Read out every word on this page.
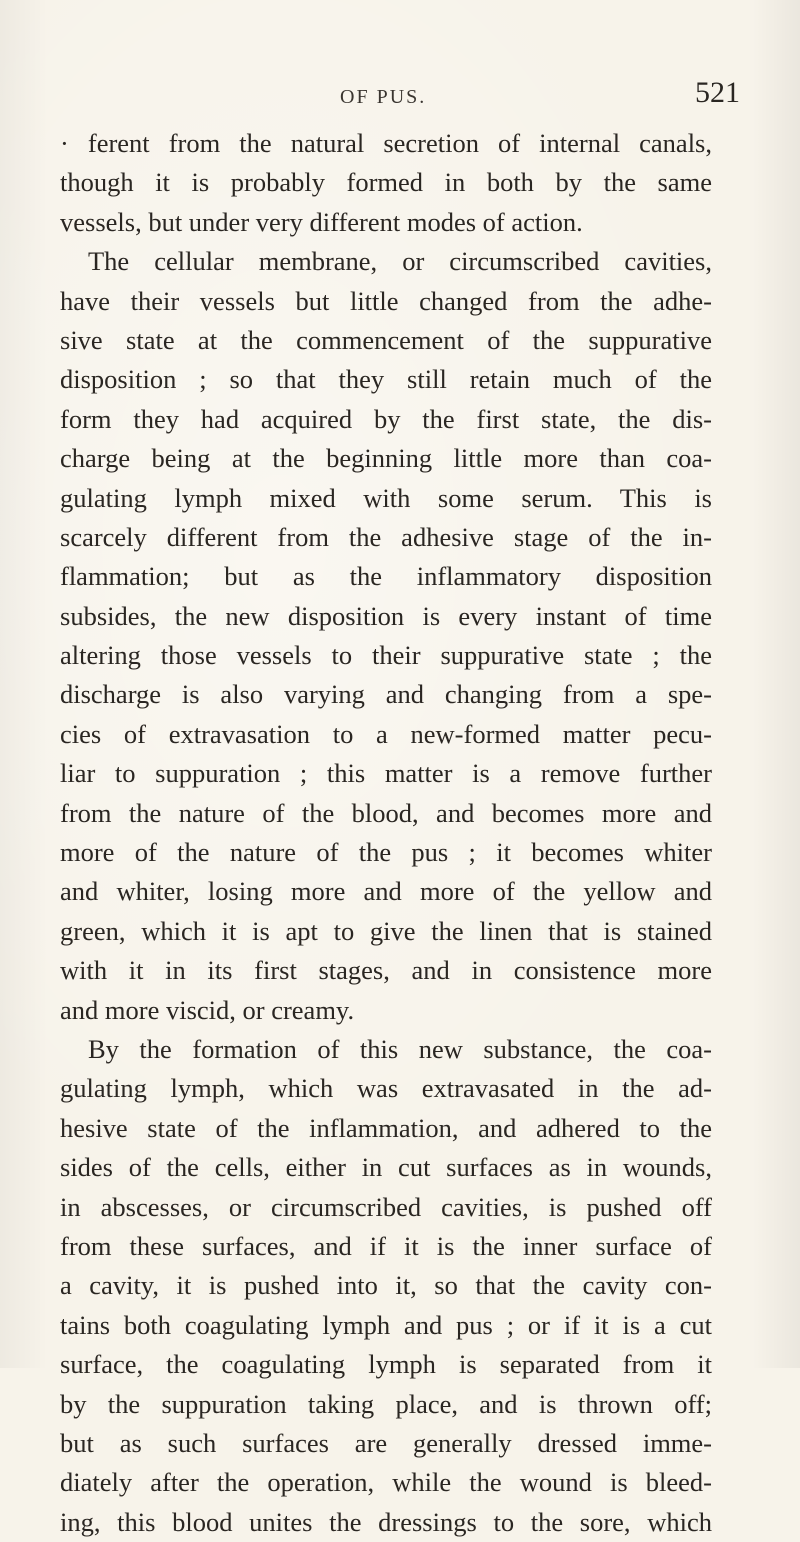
OF PUS.	521
· ferent from the natural secretion of internal canals,
though it is probably formed in both by the same
vessels, but under very different modes of action.
The cellular membrane, or circumscribed cavities,
have their vessels but little changed from the adhe-
sive state at the commencement of the suppurative
disposition ; so that they still retain much of the
form they had acquired by the first state, the dis-
charge being at the beginning little more than coa-
gulating lymph mixed with some serum. This is
scarcely different from the adhesive stage of the in-
flammation; but as the inflammatory disposition
subsides, the new disposition is every instant of time
altering those vessels to their suppurative state ; the
discharge is also varying and changing from a spe-
cies of extravasation to a new-formed matter pecu-
liar to suppuration ; this matter is a remove further
from the nature of the blood, and becomes more and
more of the nature of the pus ; it becomes whiter
and whiter, losing more and more of the yellow and
green, which it is apt to give the linen that is stained
with it in its first stages, and in consistence more
and more viscid, or creamy.
By the formation of this new substance, the coa-
gulating lymph, which was extravasated in the ad-
hesive state of the inflammation, and adhered to the
sides of the cells, either in cut surfaces as in wounds,
in abscesses, or circumscribed cavities, is pushed off
from these surfaces, and if it is the inner surface of
a cavity, it is pushed into it, so that the cavity con-
tains both coagulating lymph and pus ; or if it is a cut
surface, the coagulating lymph is separated from it
by the suppuration taking place, and is thrown off;
but as such surfaces are generally dressed imme-
diately after the operation, while the wound is bleed-
ing, this blood unites the dressings to the sore, which
